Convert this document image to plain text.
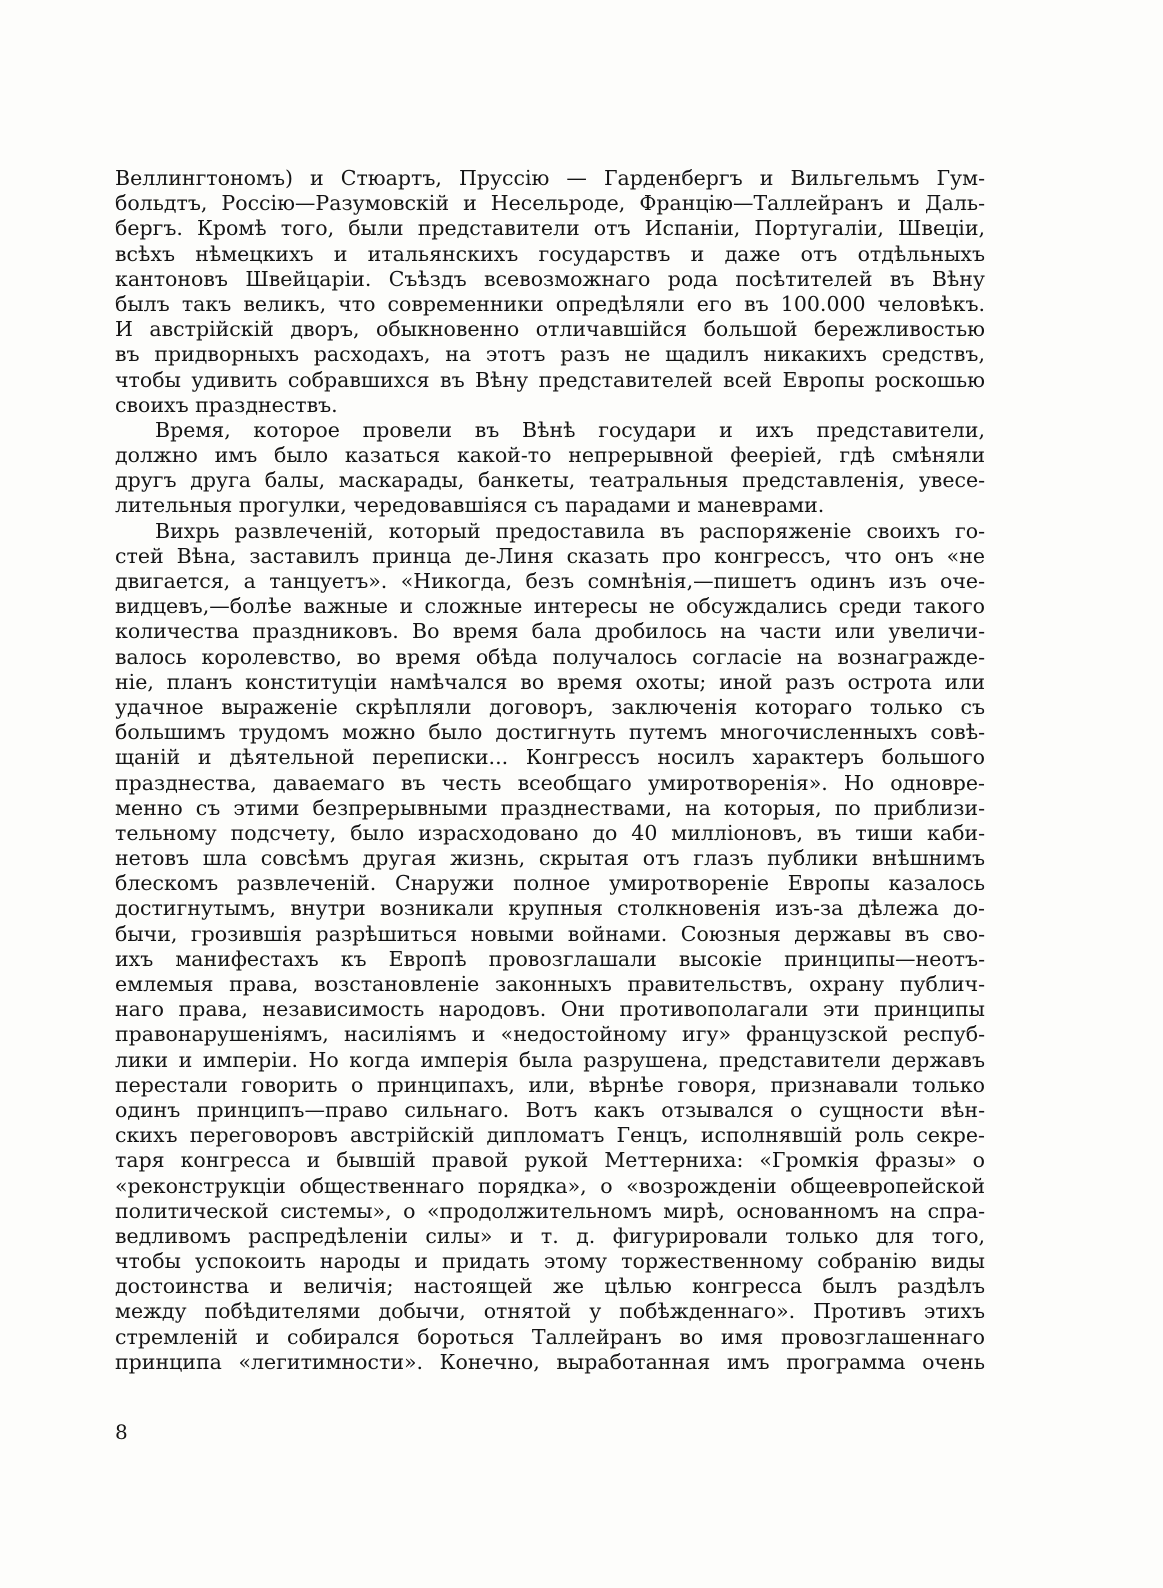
Веллингтономъ) и Стюартъ, Пруссію — Гарденбергъ и Вильгельмъ Гум-
больдтъ, Россію—Разумовскій и Несельроде, Францію—Таллейранъ и Даль-
бергъ. Кромѣ того, были представители отъ Испаніи, Португаліи, Швеціи,
всѣхъ нѣмецкихъ и итальянскихъ государствъ и даже отъ отдѣльныхъ
кантоновъ Швейцаріи. Съѣздъ всевозможнаго рода посѣтителей въ Вѣну
былъ такъ великъ, что современники опредѣляли его въ 100.000 человѣкъ.
И австрійскій дворъ, обыкновенно отличавшійся большой бережливостью
въ придворныхъ расходахъ, на этотъ разъ не щадилъ никакихъ средствъ,
чтобы удивить собравшихся въ Вѣну представителей всей Европы роскошью
своихъ празднествъ.
Время, которое провели въ Вѣнѣ государи и ихъ представители,
должно имъ было казаться какой-то непрерывной феерiей, гдѣ смѣняли
другъ друга балы, маскарады, банкеты, театральныя представленія, увесе-
лительныя прогулки, чередовавшіяся съ парадами и маневрами.
Вихрь развлеченій, который предоставила въ распоряженіе своихъ го-
стей Вѣна, заставилъ принца де-Линя сказать про конгрессъ, что онъ «не
двигается, а танцуетъ». «Никогда, безъ сомнѣнія,—пишетъ одинъ изъ оче-
видцевъ,—болѣе важные и сложные интересы не обсуждались среди такого
количества праздниковъ. Во время бала дробилось на части или увеличи-
валось королевство, во время обѣда получалось согласіе на вознагражде-
ніе, планъ конституціи намѣчался во время охоты; иной разъ острота или
удачное выраженіе скрѣпляли договоръ, заключенія котораго только съ
большимъ трудомъ можно было достигнуть путемъ многочисленныхъ совѣ-
щаній и дѣятельной переписки... Конгрессъ носилъ характеръ большого
празднества, даваемаго въ честь всеобщаго умиротворенія». Но одновре-
менно съ этими безпрерывными празднествами, на которыя, по приблизи-
тельному подсчету, было израсходовано до 40 милліоновъ, въ тиши каби-
нетовъ шла совсѣмъ другая жизнь, скрытая отъ глазъ публики внѣшнимъ
блескомъ развлеченій. Снаружи полное умиротвореніе Европы казалось
достигнутымъ, внутри возникали крупныя столкновенія изъ-за дѣлежа до-
бычи, грозившія разрѣшиться новыми войнами. Союзныя державы въ сво-
ихъ манифестахъ къ Европѣ провозглашали высокіе принципы—неотъ-
емлемыя права, возстановленіе законныхъ правительствъ, охрану публич-
наго права, независимость народовъ. Они противополагали эти принципы
правонарушеніямъ, насиліямъ и «недостойному игу» французской респуб-
лики и имперіи. Но когда имперія была разрушена, представители державъ
перестали говорить о принципахъ, или, вѣрнѣе говоря, признавали только
одинъ принципъ—право сильнаго. Вотъ какъ отзывался о сущности вѣн-
скихъ переговоровъ австрійскій дипломатъ Генцъ, исполнявшій роль секре-
таря конгресса и бывшій правой рукой Меттерниха: «Громкія фразы» о
«реконструкціи общественнаго порядка», о «возрожденіи общеевропейской
политической системы», о «продолжительномъ мирѣ, основанномъ на спра-
ведливомъ распредѣленіи силы» и т. д. фигурировали только для того,
чтобы успокоить народы и придать этому торжественному собранію виды
достоинства и величія; настоящей же цѣлью конгресса былъ раздѣлъ
между побѣдителями добычи, отнятой у побѣжденнаго». Противъ этихъ
стремленій и собирался бороться Таллейранъ во имя провозглашеннаго
принципа «легитимности». Конечно, выработанная имъ программа очень
8
